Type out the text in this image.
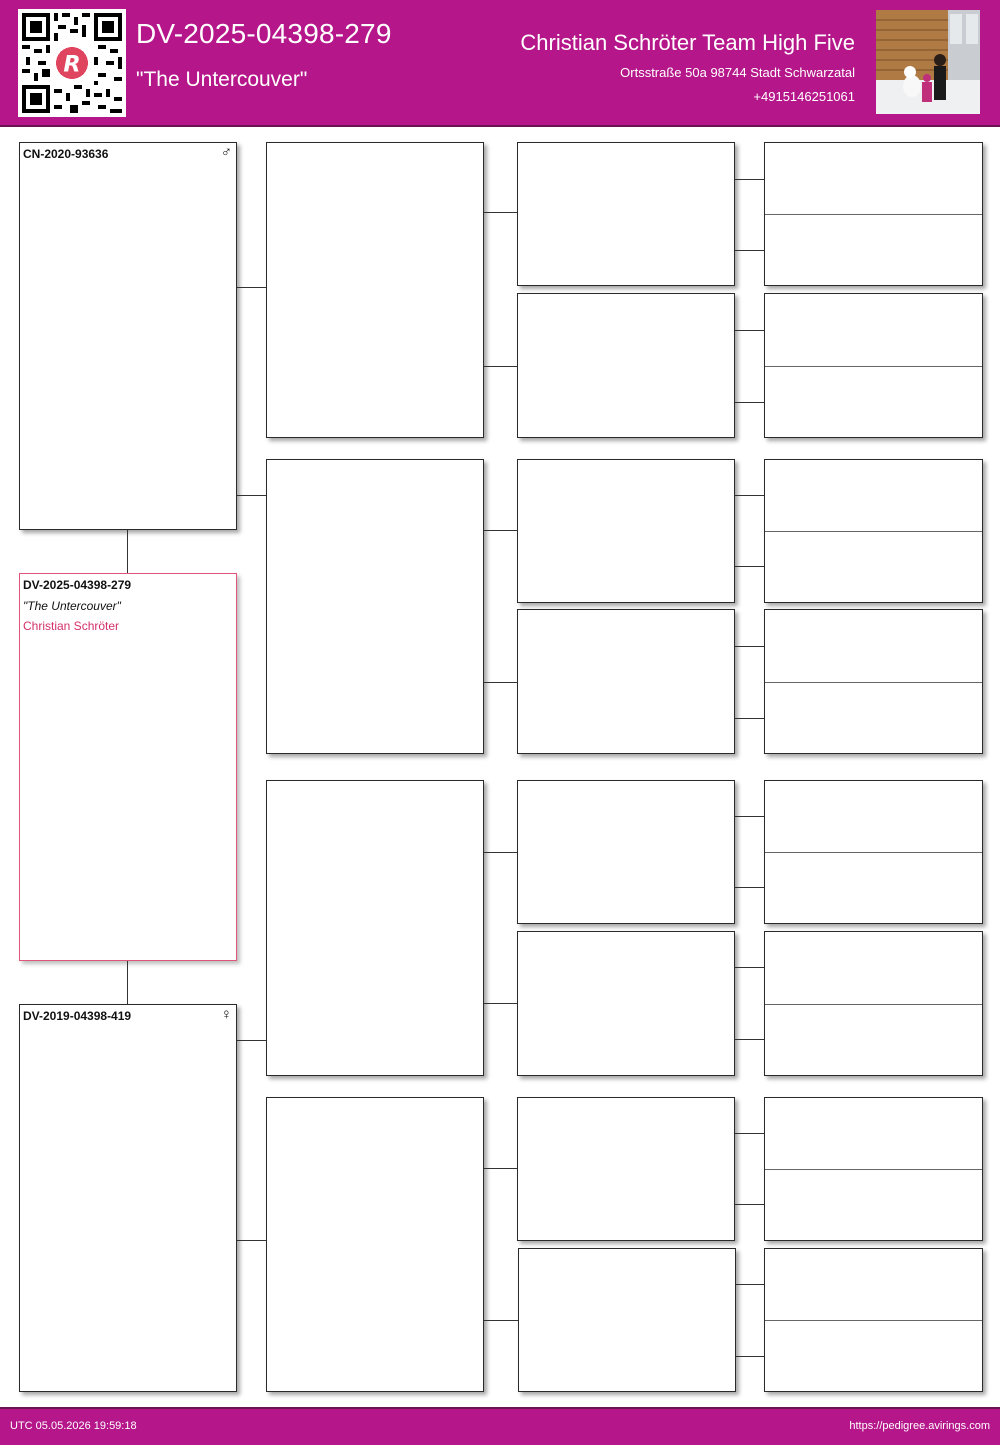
R
DV-2025-04398-279
"The Untercouver"
Christian Schröter Team High Five
Ortsstraße 50a 98744 Stadt Schwarzatal
+4915146251061
CN-2020-93636	♂
DV-2025-04398-279
"The Untercouver"
Christian Schröter
DV-2019-04398-419	♀
UTC 05.05.2026 19:59:18	https://pedigree.avirings.com
